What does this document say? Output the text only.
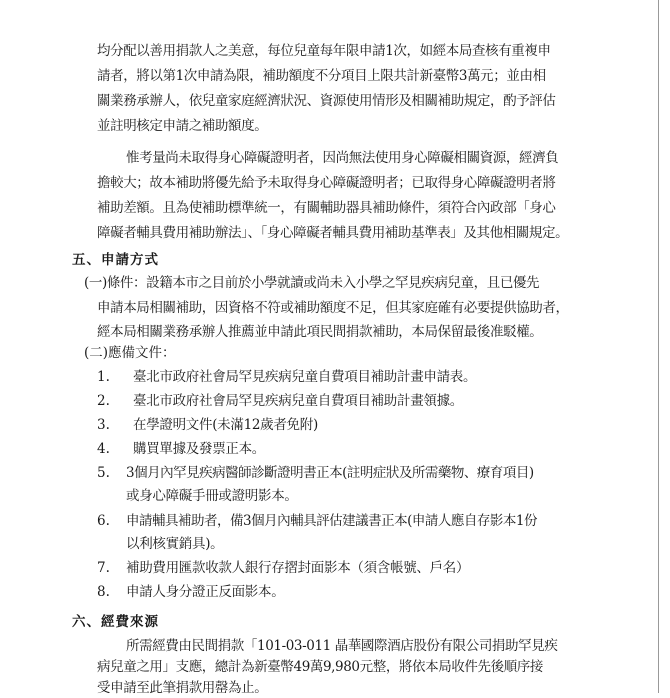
均分配以善用捐款人之美意，每位兒童每年限申請1次，如經本局查核有重複申
請者，將以第1次申請為限，補助額度不分項目上限共計新臺幣3萬元；並由相
關業務承辦人，依兒童家庭經濟狀況、資源使用情形及相關補助規定，酌予評估
並註明核定申請之補助額度。
惟考量尚未取得身心障礙證明者，因尚無法使用身心障礙相關資源，經濟負
擔較大；故本補助將優先給予未取得身心障礙證明者；已取得身心障礙證明者將
補助差額。且為使補助標準統一，有關輔助器具補助條件，須符合內政部「身心
障礙者輔具費用補助辦法」、「身心障礙者輔具費用補助基準表」及其他相關規定。
五、申請方式
(一)條件：設籍本市之目前於小學就讀或尚未入小學之罕見疾病兒童，且已優先
申請本局相關補助，因資格不符或補助額度不足，但其家庭確有必要提供協助者，
經本局相關業務承辦人推薦並申請此項民間捐款補助，本局保留最後准駁權。
(二)應備文件：
1. 臺北市政府社會局罕見疾病兒童自費項目補助計畫申請表。
2. 臺北市政府社會局罕見疾病兒童自費項目補助計畫領據。
3. 在學證明文件(未滿12歲者免附)
4. 購買單據及發票正本。
5. 3個月內罕見疾病醫師診斷證明書正本(註明症狀及所需藥物、療育項目)
或身心障礙手冊或證明影本。
6. 申請輔具補助者，備3個月內輔具評估建議書正本(申請人應自存影本1份
以利核實銷具)。
7. 補助費用匯款收款人銀行存摺封面影本（須含帳號、戶名）
8. 申請人身分證正反面影本。
六、經費來源
所需經費由民間捐款「101-03-011 晶華國際酒店股份有限公司捐助罕見疾
病兒童之用」支應，總計為新臺幣49萬9,980元整，將依本局收件先後順序接
受申請至此筆捐款用罄為止。
